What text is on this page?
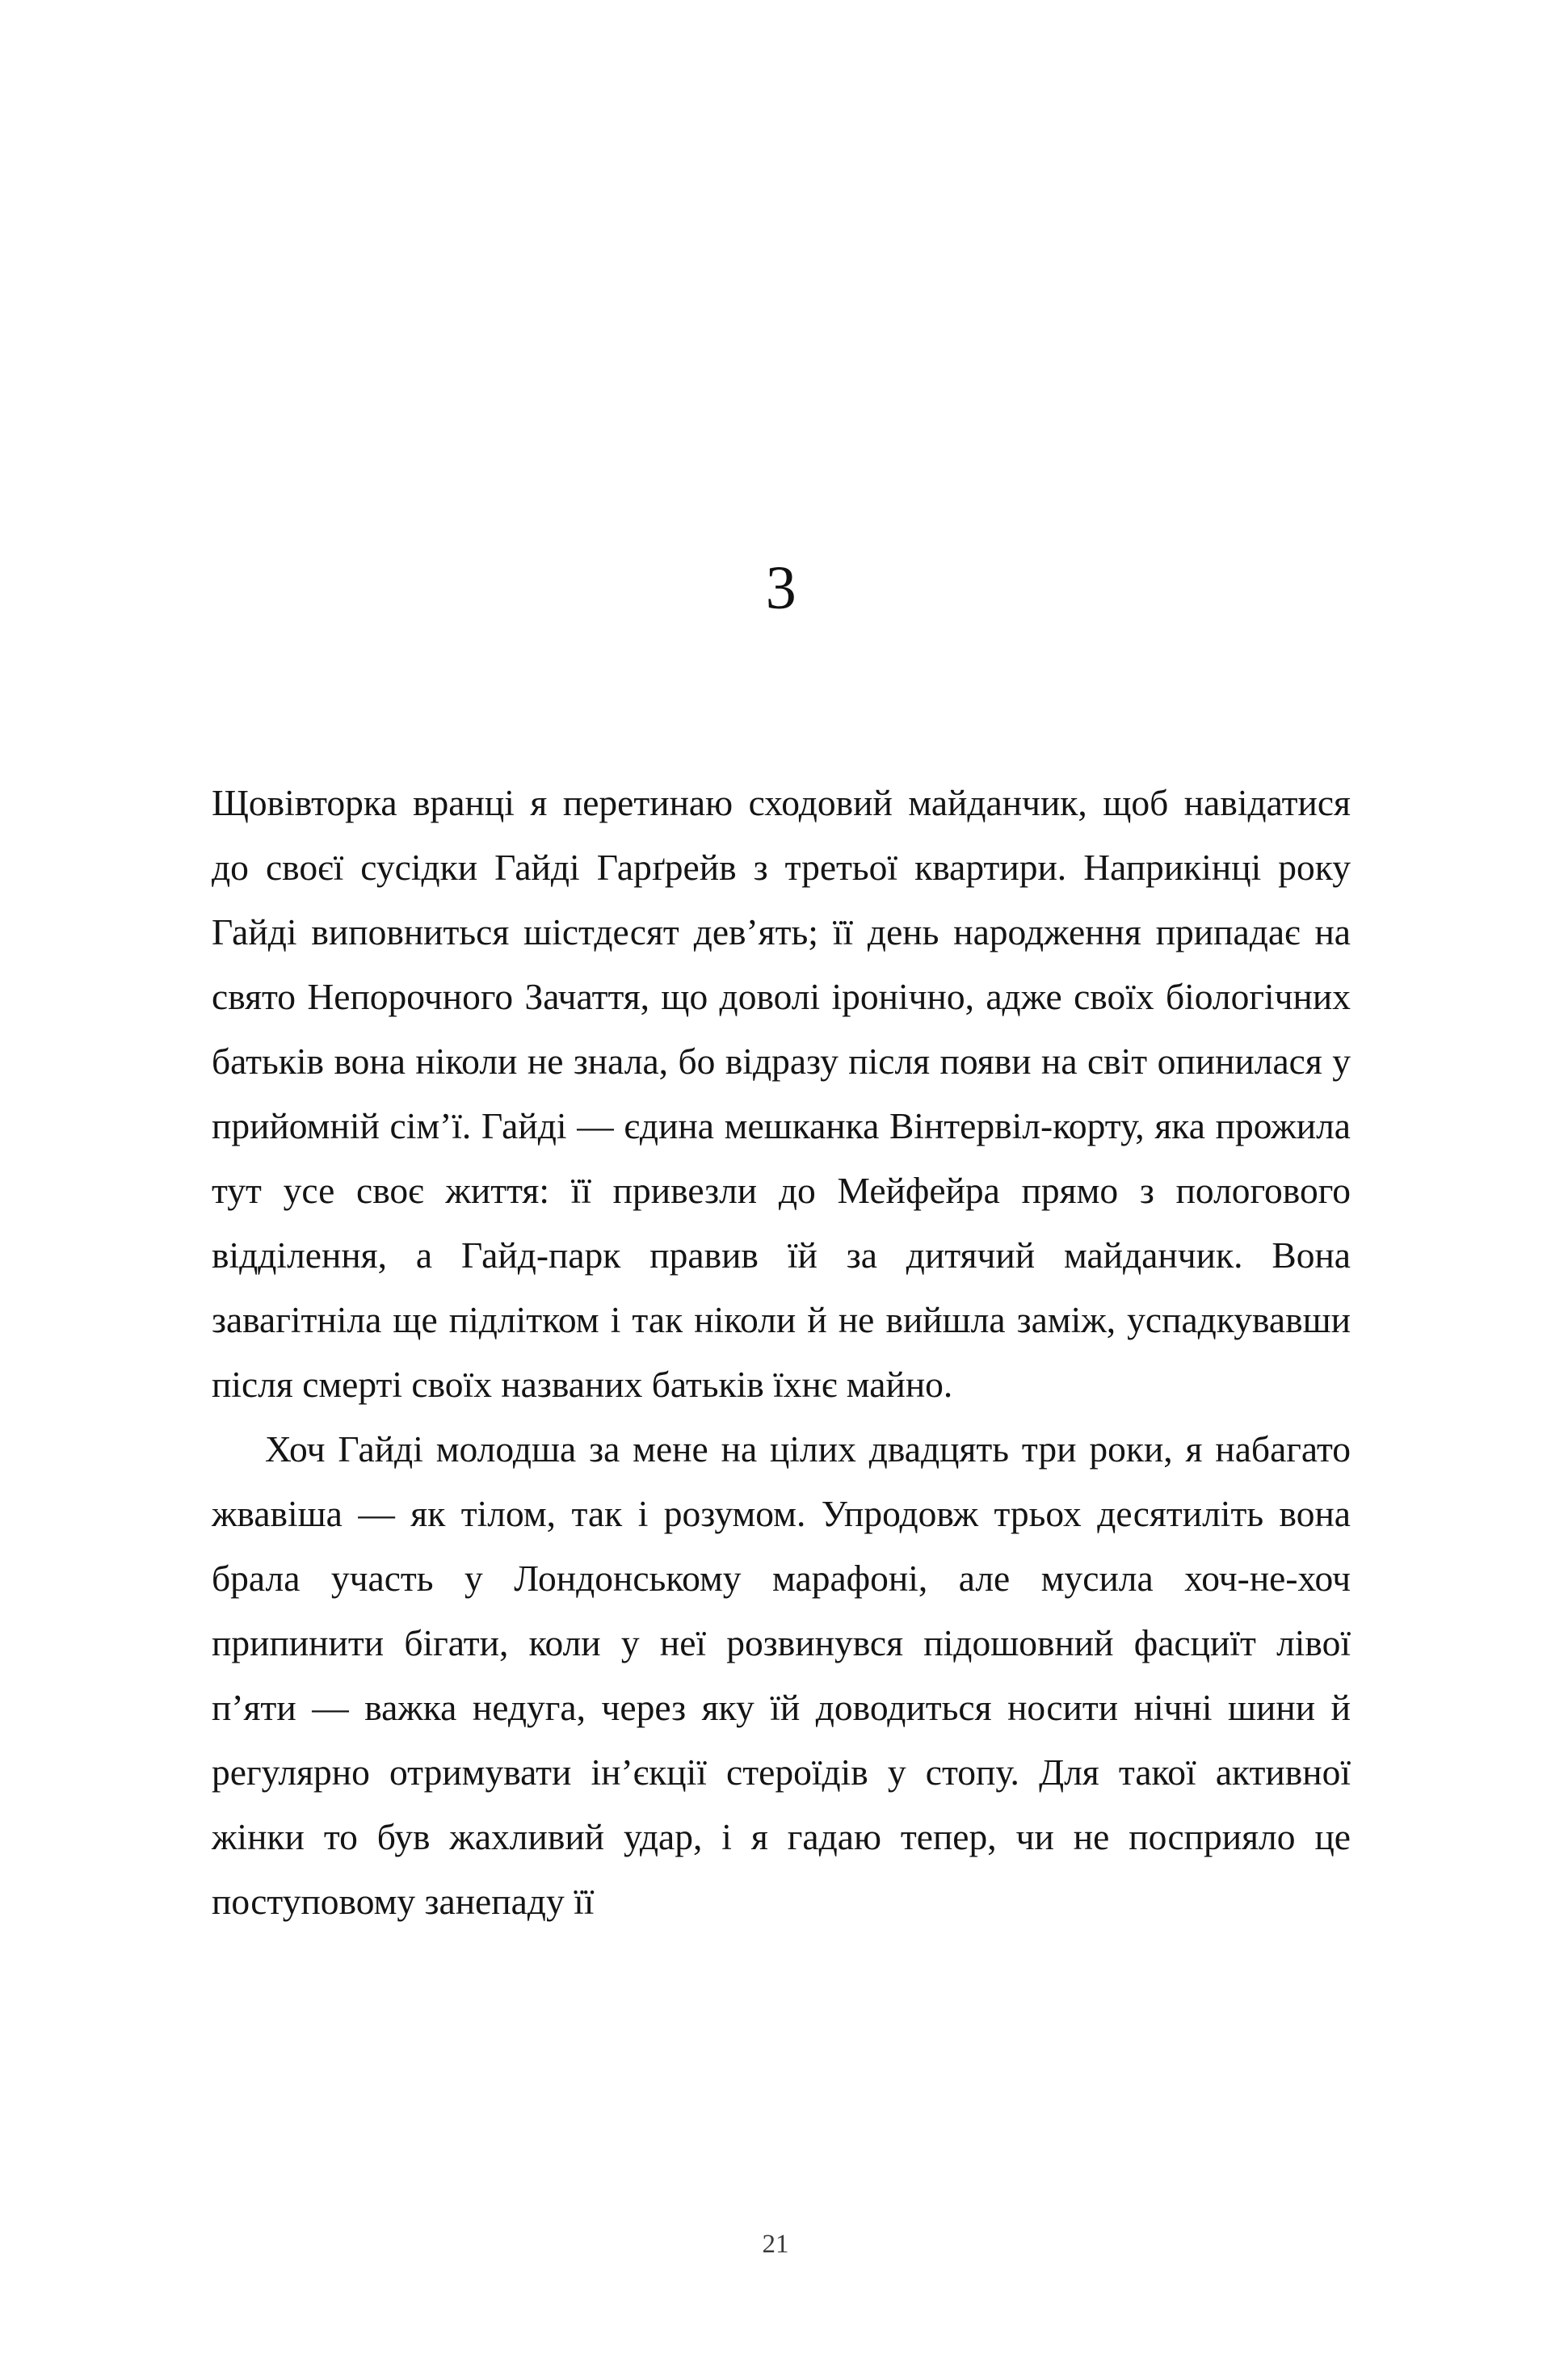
3

Щовівторка вранці я перетинаю сходовий майданчик, щоб навідатися до своєї сусідки Гайді Гарґрейв з третьої квартири. Наприкінці року Гайді виповниться шістдесят дев’ять; її день народження припадає на свято Непорочного Зачаття, що доволі іронічно, адже своїх біологічних батьків вона ніколи не знала, бо відразу після появи на світ опинилася у прийомній сім’ї. Гайді — єдина мешканка Вінтервіл-корту, яка прожила тут усе своє життя: її привезли до Мейфейра прямо з пологового відділення, а Гайд-парк правив їй за дитячий майданчик. Вона завагітніла ще підлітком і так ніколи й не вийшла заміж, успадкувавши після смерті своїх названих батьків їхнє майно.

Хоч Гайді молодша за мене на цілих двадцять три роки, я набагато жвавіша — як тілом, так і розумом. Упродовж трьох десятиліть вона брала участь у Лондонському марафоні, але мусила хоч-не-хоч припинити бігати, коли у неї розвинувся підошовний фасциїт лівої п’яти — важка недуга, через яку їй доводиться носити нічні шини й регулярно отримувати ін’єкції стероїдів у стопу. Для такої активної жінки то був жахливий удар, і я гадаю тепер, чи не посприяло це поступовому занепаду її

21
